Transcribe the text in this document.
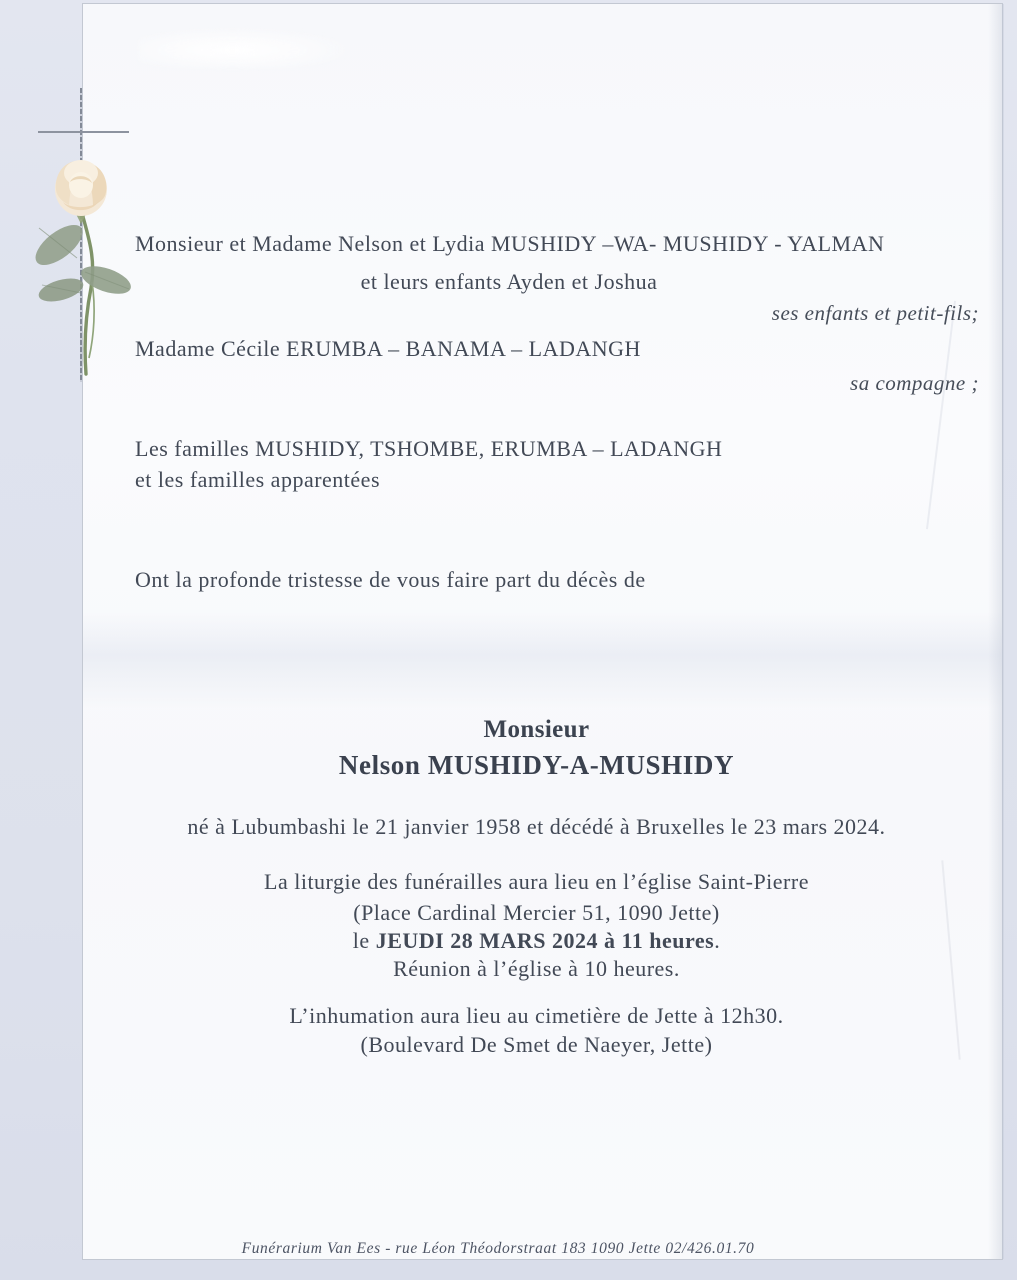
Monsieur et Madame Nelson et Lydia MUSHIDY –WA- MUSHIDY - YALMAN
et leurs enfants Ayden et Joshua
ses enfants et petit-fils;
Madame Cécile ERUMBA – BANAMA – LADANGH
sa compagne ;
Les familles MUSHIDY, TSHOMBE, ERUMBA – LADANGH
et les familles apparentées
Ont la profonde tristesse de vous faire part du décès de
Monsieur
Nelson MUSHIDY-A-MUSHIDY
né à Lubumbashi le 21 janvier 1958 et décédé à Bruxelles le 23 mars 2024.
La liturgie des funérailles aura lieu en l’église Saint-Pierre
(Place Cardinal Mercier 51, 1090 Jette)
le JEUDI 28 MARS 2024 à 11 heures.
Réunion à l’église à 10 heures.
L’inhumation aura lieu au cimetière de Jette à 12h30.
(Boulevard De Smet de Naeyer, Jette)
Funérarium Van Ees - rue Léon Théodorstraat 183 1090 Jette 02/426.01.70
